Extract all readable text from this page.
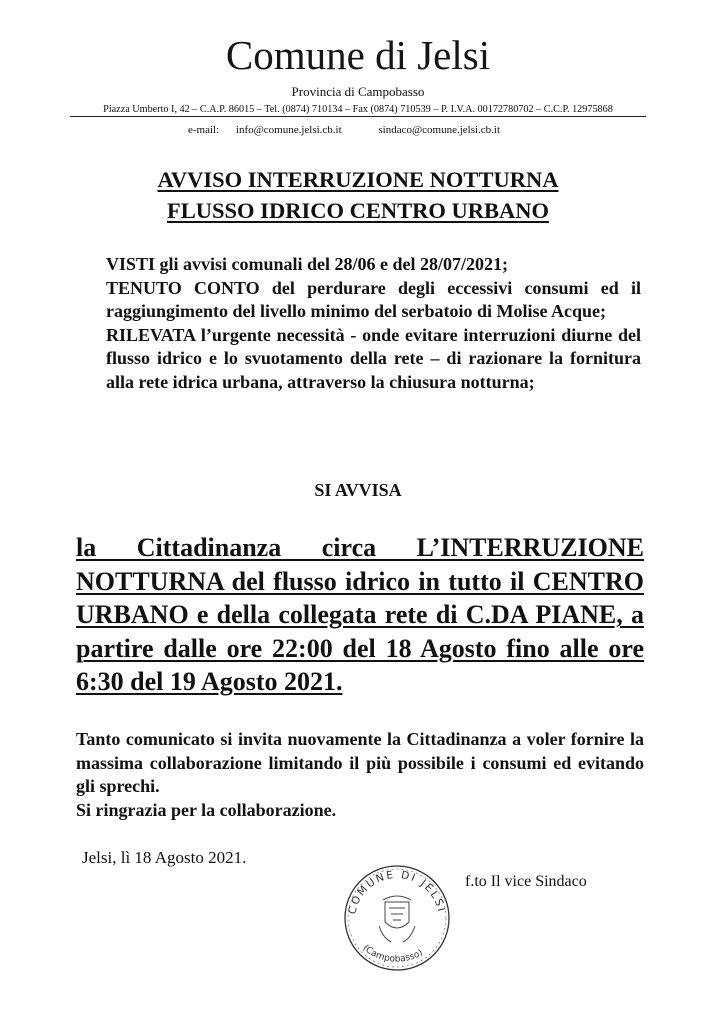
Comune di Jelsi
Provincia di Campobasso
Piazza Umberto I, 42 – C.A.P. 86015 – Tel. (0874) 710134 – Fax (0874) 710539 – P. I.V.A. 00172780702 – C.C.P. 12975868
e-mail: info@comune.jelsi.cb.it	sindaco@comune.jelsi.cb.it
AVVISO INTERRUZIONE NOTTURNA
FLUSSO IDRICO CENTRO URBANO

VISTI gli avvisi comunali del 28/06 e del 28/07/2021;

TENUTO CONTO del perdurare degli eccessivi consumi ed il raggiungimento del livello minimo del serbatoio di Molise Acque;

RILEVATA l’urgente necessità - onde evitare interruzioni diurne del flusso idrico e lo svuotamento della rete – di razionare la fornitura alla rete idrica urbana, attraverso la chiusura notturna;

SI AVVISA
la Cittadinanza circa L’INTERRUZIONE NOTTURNA del flusso idrico in tutto il CENTRO URBANO e della collegata rete di C.DA PIANE, a partire dalle ore 22:00 del 18 Agosto fino alle ore 6:30 del 19 Agosto 2021.

Tanto comunicato si invita nuovamente la Cittadinanza a voler fornire la massima collaborazione limitando il più possibile i consumi ed evitando gli sprechi.

Si ringrazia per la collaborazione.

Jelsi, lì 18 Agosto 2021.
COMUNE DI JELSI
(Campobasso)
f.to Il vice Sindaco
